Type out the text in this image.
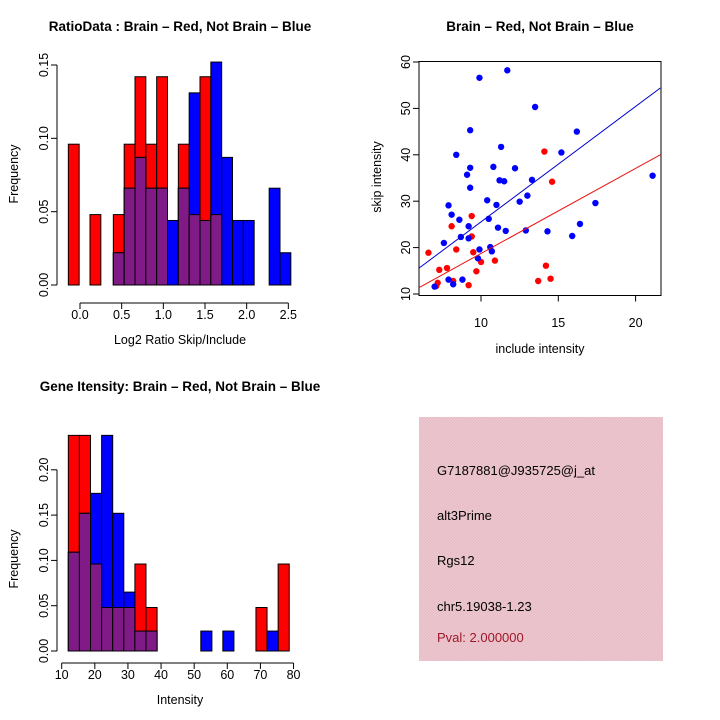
RatioData : Brain – Red, Not Brain – Blue
Frequency
0.00
0.05
0.10
0.15
0.0 0.5 1.0 1.5 2.0 2.5
Log2 Ratio Skip/Include
Brain – Red, Not Brain – Blue
skip intensity
10	15	20
10
20
30
40
50
60
include intensity
Gene Itensity: Brain – Red, Not Brain – Blue
Frequency
0.00
0.05
0.10
0.15
0.20
10 20 30 40 50 60 70 80
Intensity
G7187881@J935725@j_at
alt3Prime
Rgs12
chr5.19038-1.23
Pval: 2.000000
